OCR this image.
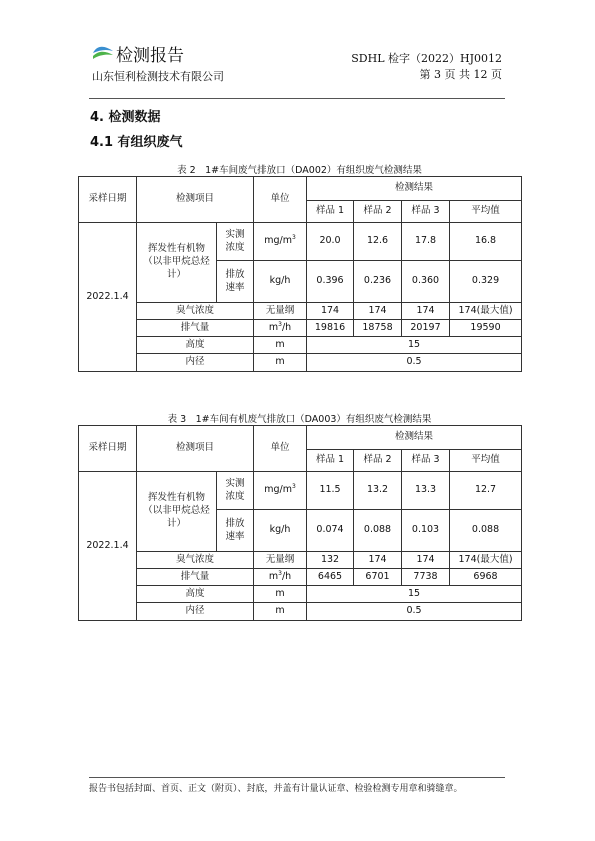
检测报告
山东恒利检测技术有限公司
SDHL 检字（2022）HJ0012
第 3 页 共 12 页
4. 检测数据
4.1 有组织废气
表 2　1#车间废气排放口（DA002）有组织废气检测结果
采样日期	检测项目		单位	检测结果			
				样品 1	样品 2	样品 3	平均值
2022.1.4	挥发性有机物（以非甲烷总烃计）	实测浓度	$mg/m^3$	20.0	12.6	17.8	16.8
		排放速率	kg/h	0.396	0.236	0.360	0.329
	臭气浓度		无量纲	174	174	174	174(最大值)
	排气量		$m^3/h$	19816	18758	20197	19590
	高度		m	15			
	内径		m	0.5			
表 3　1#车间有机废气排放口（DA003）有组织废气检测结果
采样日期	检测项目		单位	检测结果			
				样品 1	样品 2	样品 3	平均值
2022.1.4	挥发性有机物（以非甲烷总烃计）	实测浓度	$mg/m^3$	11.5	13.2	13.3	12.7
		排放速率	kg/h	0.074	0.088	0.103	0.088
	臭气浓度		无量纲	132	174	174	174(最大值)
	排气量		$m^3/h$	6465	6701	7738	6968
	高度		m	15			
	内径		m	0.5			
报告书包括封面、首页、正文（附页）、封底，并盖有计量认证章、检验检测专用章和骑缝章。
